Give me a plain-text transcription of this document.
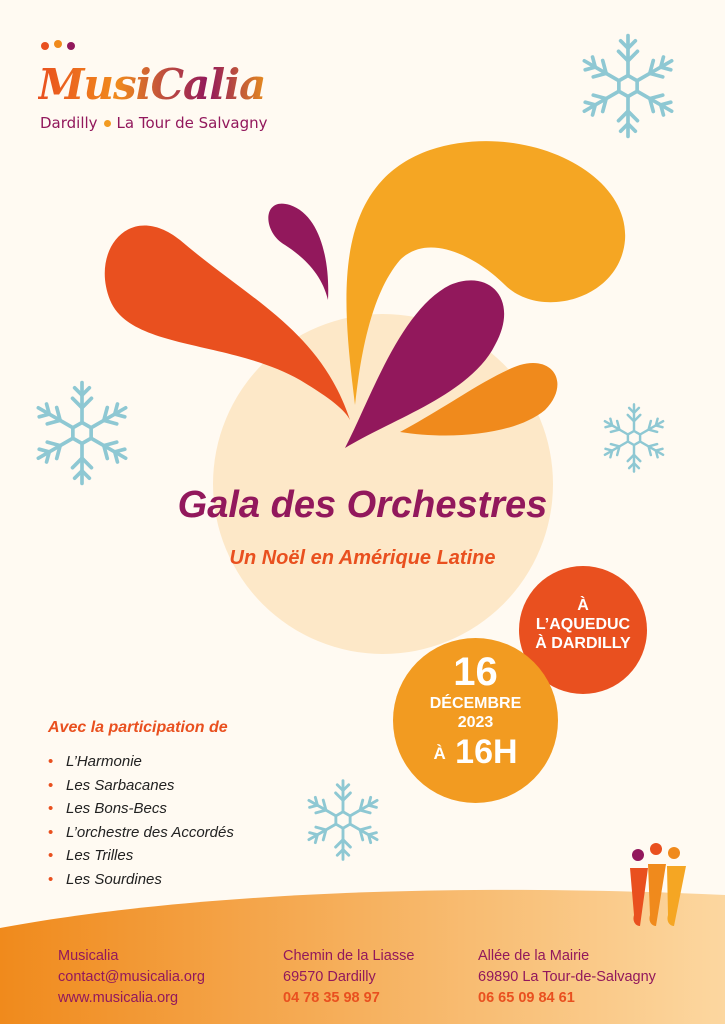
MusiCalia
Dardilly La Tour de Salvagny
Gala des Orchestres
Un Noël en Amérique Latine
À
L’AQUEDUC
À DARDILLY
16
DÉCEMBRE
2023
À 16H
Avec la participation de
• L’Harmonie
• Les Sarbacanes
• Les Bons-Becs
• L’orchestre des Accordés
• Les Trilles
• Les Sourdines
Musicalia
contact@musicalia.org
www.musicalia.org
Chemin de la Liasse
69570 Dardilly
04 78 35 98 97
Allée de la Mairie
69890 La Tour-de-Salvagny
06 65 09 84 61
